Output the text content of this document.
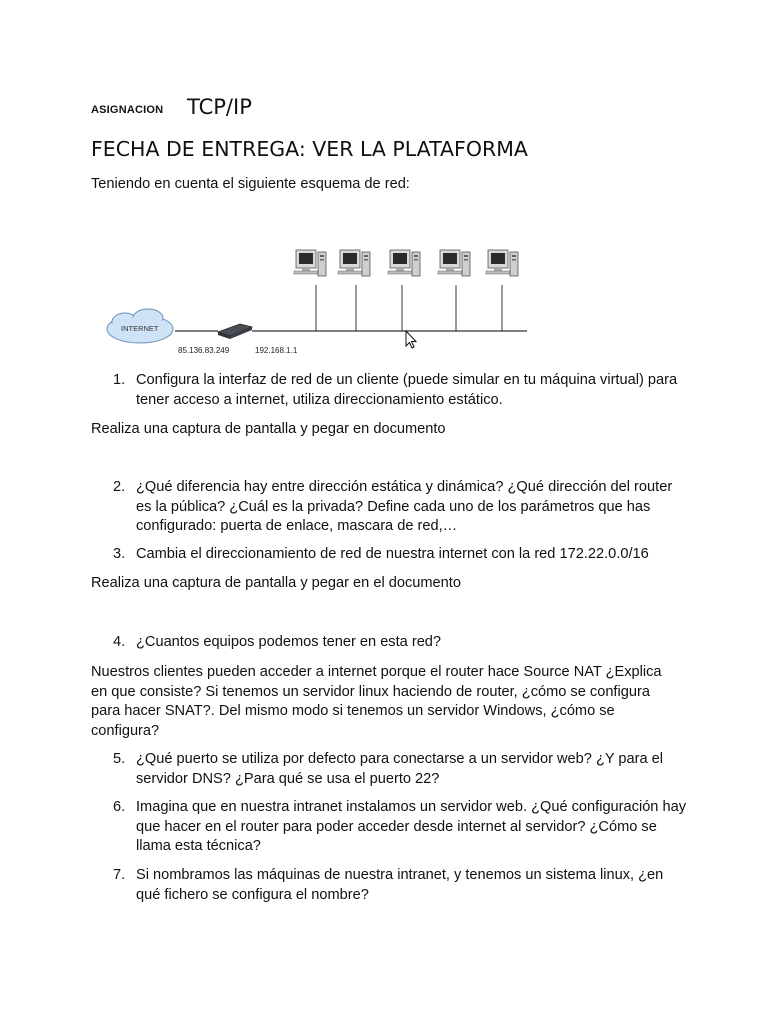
ASIGNACION TCP/IP
FECHA DE ENTREGA: VER LA PLATAFORMA
Teniendo en cuenta el siguiente esquema de red:
INTERNET
85.136.83.249	192.168.1.1
1. Configura la interfaz de red de un cliente (puede simular en tu máquina virtual) para tener acceso a internet, utiliza direccionamiento estático.
Realiza una captura de pantalla y pegar en documento
2. ¿Qué diferencia hay entre dirección estática y dinámica? ¿Qué dirección del router es la pública? ¿Cuál es la privada? Define cada uno de los parámetros que has configurado: puerta de enlace, mascara de red,…
3. Cambia el direccionamiento de red de nuestra internet con la red 172.22.0.0/16
Realiza una captura de pantalla y pegar en el documento
4. ¿Cuantos equipos podemos tener en esta red?
Nuestros clientes pueden acceder a internet porque el router hace Source NAT ¿Explica en que consiste? Si tenemos un servidor linux haciendo de router, ¿cómo se configura para hacer SNAT?. Del mismo modo si tenemos un servidor Windows, ¿cómo se configura?
5. ¿Qué puerto se utiliza por defecto para conectarse a un servidor web? ¿Y para el servidor DNS? ¿Para qué se usa el puerto 22?
6. Imagina que en nuestra intranet instalamos un servidor web. ¿Qué configuración hay que hacer en el router para poder acceder desde internet al servidor? ¿Cómo se llama esta técnica?
7. Si nombramos las máquinas de nuestra intranet, y tenemos un sistema linux, ¿en qué fichero se configura el nombre?
